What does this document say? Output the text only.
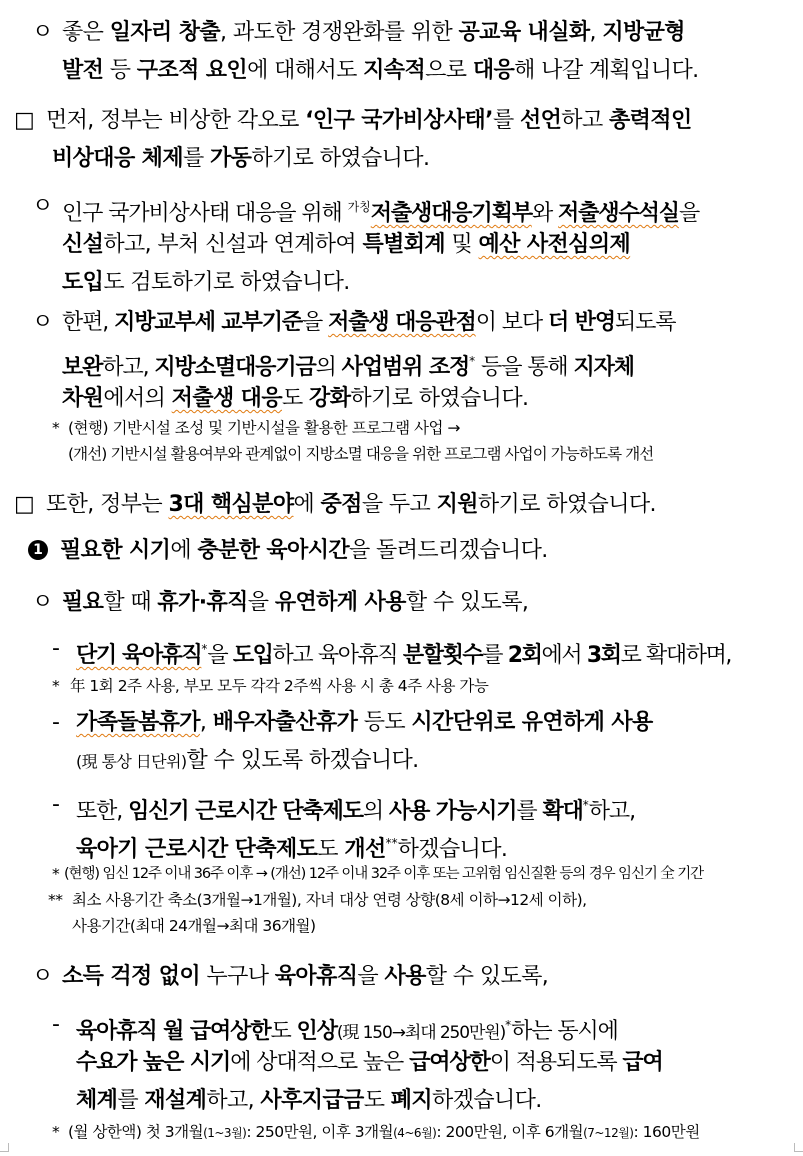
ㅇ 좋은 일자리 창출, 과도한 경쟁완화를 위한 공교육 내실화, 지방균형
발전 등 구조적 요인에 대해서도 지속적으로 대응해 나갈 계획입니다.
□ 먼저, 정부는 비상한 각오로 ‘인구 국가비상사태’를 선언하고 총력적인
비상대응 체제를 가동하기로 하였습니다.
ㅇ 인구 국가비상사태 대응을 위해 $^{가칭}$저출생대응기획부와 저출생수석실을
신설하고, 부처 신설과 연계하여 특별회계 및 예산 사전심의제
도입도 검토하기로 하였습니다.
ㅇ 한편, 지방교부세 교부기준을 저출생 대응관점이 보다 더 반영되도록
보완하고, 지방소멸대응기금의 사업범위 조정* 등을 통해 지자체
차원에서의 저출생 대응도 강화하기로 하였습니다.
* (현행) 기반시설 조성 및 기반시설을 활용한 프로그램 사업 →
(개선) 기반시설 활용여부와 관계없이 지방소멸 대응을 위한 프로그램 사업이 가능하도록 개선
□ 또한, 정부는 3대 핵심분야에 중점을 두고 지원하기로 하였습니다.
1 필요한 시기에 충분한 육아시간을 돌려드리겠습니다.
ㅇ 필요할 때 휴가·휴직을 유연하게 사용할 수 있도록,
- 단기 육아휴직*을 도입하고 육아휴직 분할횟수를 2회에서 3회로 확대하며,
* 年 1회 2주 사용, 부모 모두 각각 2주씩 사용 시 총 4주 사용 가능
- 가족돌봄휴가, 배우자출산휴가 등도 시간단위로 유연하게 사용
(現 통상 日단위)할 수 있도록 하겠습니다.
- 또한, 임신기 근로시간 단축제도의 사용 가능시기를 확대*하고,
육아기 근로시간 단축제도도 개선**하겠습니다.
* (현행) 임신 12주 이내 36주 이후 → (개선) 12주 이내 32주 이후 또는 고위험 임신질환 등의 경우 임신기 全 기간
** 최소 사용기간 축소(3개월→1개월), 자녀 대상 연령 상향(8세 이하→12세 이하),
사용기간(최대 24개월→최대 36개월)
ㅇ 소득 걱정 없이 누구나 육아휴직을 사용할 수 있도록,
- 육아휴직 월 급여상한도 인상(現 150→최대 250만원)*하는 동시에
수요가 높은 시기에 상대적으로 높은 급여상한이 적용되도록 급여
체계를 재설계하고, 사후지급금도 폐지하겠습니다.
* (월 상한액) 첫 3개월(1~3월): 250만원, 이후 3개월(4~6월): 200만원, 이후 6개월(7~12월): 160만원
